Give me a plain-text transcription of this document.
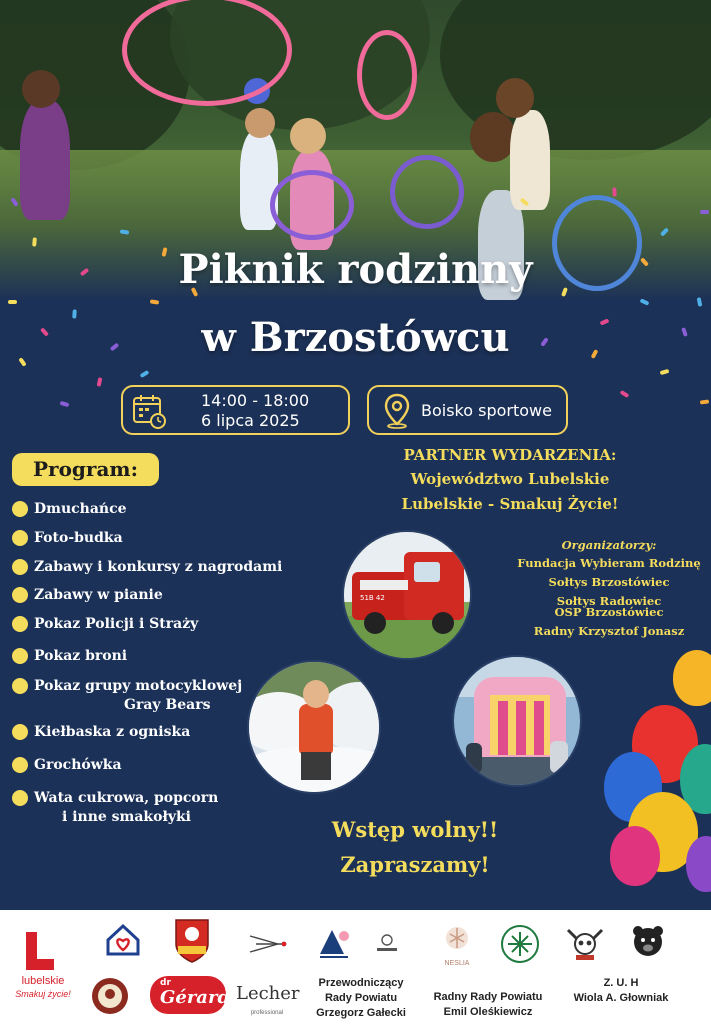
Piknik rodzinny
w Brzostówcu
14:00 - 18:00
6 lipca 2025
Boisko sportowe
Program:
Dmuchańce
Foto-budka
Zabawy i konkursy z nagrodami
Zabawy w pianie
Pokaz Policji i Straży
Pokaz broni
Pokaz grupy motocyklowej
Gray Bears
Kiełbaska z ogniska
Grochówka
Wata cukrowa, popcorn
i inne smakołyki
PARTNER WYDARZENIA:
Województwo Lubelskie
Lubelskie - Smakuj Życie!
Organizatorzy:
Fundacja Wybieram Rodzinę
Sołtys Brzostówiec
Sołtys Radowiec
OSP Brzostówiec
Radny Krzysztof Jonasz
51B 42
Wstęp wolny!!
Zapraszamy!
lubelskie
Smakuj życie!
NESLIA
dr
Gérard Lecher
professional
Przewodniczący
Rady Powiatu
Grzegorz Gałecki
Radny Rady Powiatu
Emil Oleśkiewicz
Z. U. H
Wiola A. Głowniak
